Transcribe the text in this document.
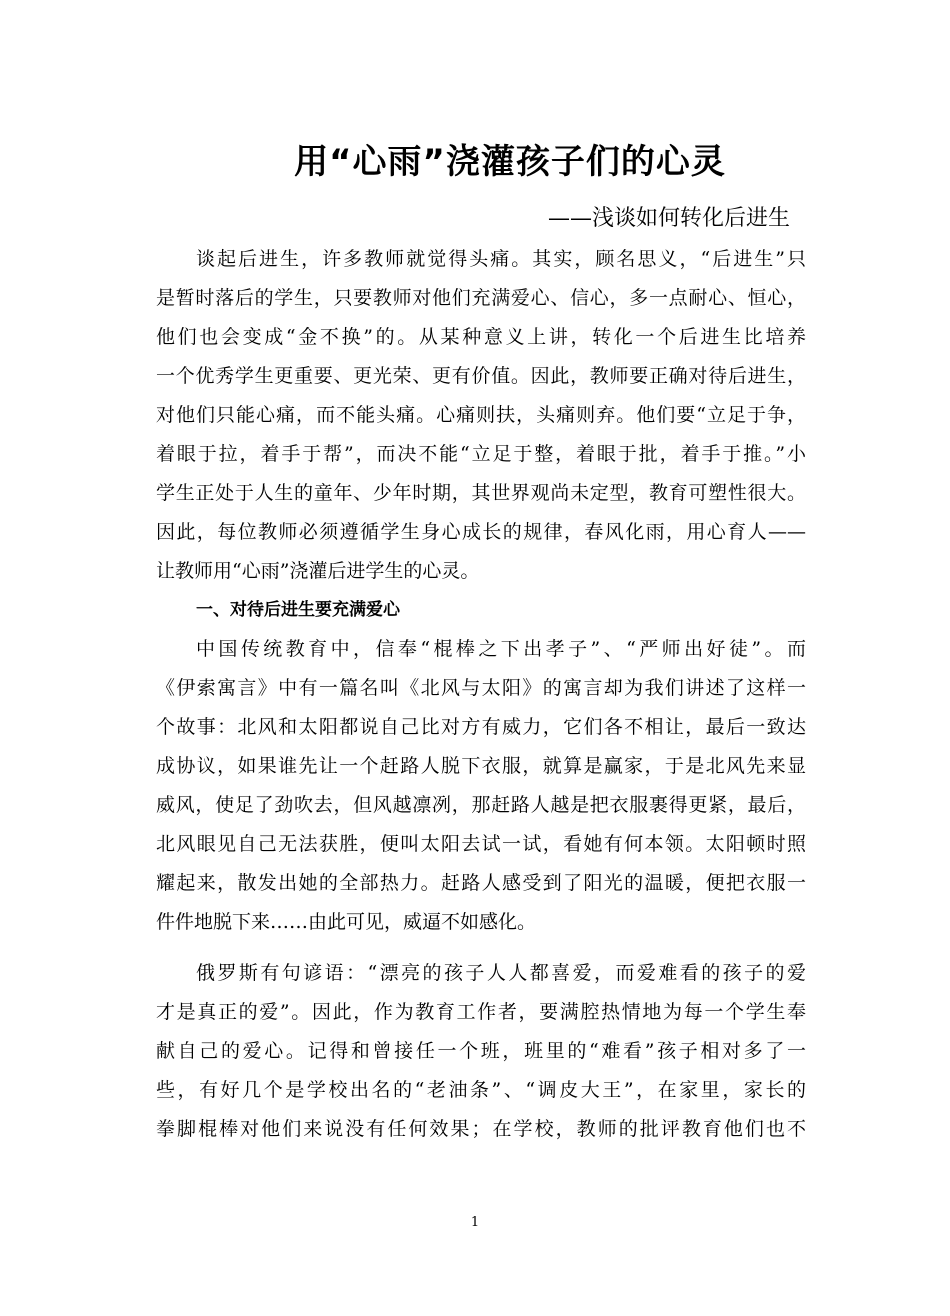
用“心雨”浇灌孩子们的心灵
——浅谈如何转化后进生
谈起后进生，许多教师就觉得头痛。其实，顾名思义，“后进生”只
是暂时落后的学生，只要教师对他们充满爱心、信心，多一点耐心、恒心，
他们也会变成“金不换”的。从某种意义上讲，转化一个后进生比培养
一个优秀学生更重要、更光荣、更有价值。因此，教师要正确对待后进生，
对他们只能心痛，而不能头痛。心痛则扶，头痛则弃。他们要“立足于争，
着眼于拉，着手于帮”，而决不能“立足于整，着眼于批，着手于推。”小
学生正处于人生的童年、少年时期，其世界观尚未定型，教育可塑性很大。
因此，每位教师必须遵循学生身心成长的规律，春风化雨，用心育人——
让教师用“心雨”浇灌后进学生的心灵。
一、对待后进生要充满爱心
中国传统教育中，信奉“棍棒之下出孝子”、“严师出好徒”。而
《伊索寓言》中有一篇名叫《北风与太阳》的寓言却为我们讲述了这样一
个故事：北风和太阳都说自己比对方有威力，它们各不相让，最后一致达
成协议，如果谁先让一个赶路人脱下衣服，就算是赢家，于是北风先来显
威风，使足了劲吹去，但风越凛冽，那赶路人越是把衣服裹得更紧，最后，
北风眼见自己无法获胜，便叫太阳去试一试，看她有何本领。太阳顿时照
耀起来，散发出她的全部热力。赶路人感受到了阳光的温暖，便把衣服一
件件地脱下来……由此可见，威逼不如感化。
俄罗斯有句谚语：“漂亮的孩子人人都喜爱，而爱难看的孩子的爱
才是真正的爱”。因此，作为教育工作者，要满腔热情地为每一个学生奉
献自己的爱心。记得和曾接任一个班，班里的“难看”孩子相对多了一
些，有好几个是学校出名的“老油条”、“调皮大王”，在家里，家长的
拳脚棍棒对他们来说没有任何效果；在学校，教师的批评教育他们也不
1
